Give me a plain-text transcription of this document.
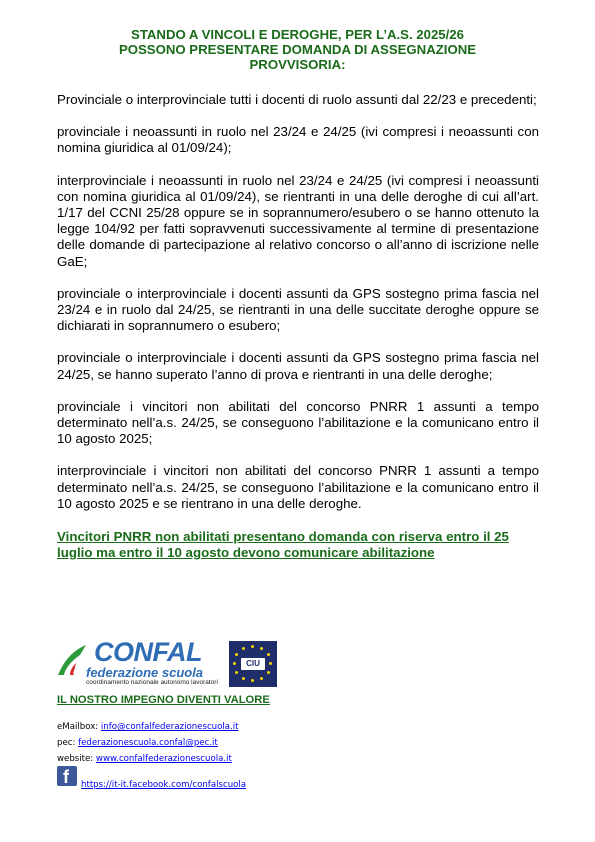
STANDO A VINCOLI E DEROGHE, PER L’A.S. 2025/26
POSSONO PRESENTARE DOMANDA DI ASSEGNAZIONE
PROVVISORIA:

Provinciale o interprovinciale tutti i docenti di ruolo assunti dal 22/23 e precedenti;

provinciale i neoassunti in ruolo nel 23/24 e 24/25 (ivi compresi i neoassunti con nomina giuridica al 01/09/24);

interprovinciale i neoassunti in ruolo nel 23/24 e 24/25 (ivi compresi i neoassunti con nomina giuridica al 01/09/24), se rientranti in una delle deroghe di cui all’art. 1/17 del CCNI 25/28 oppure se in soprannumero/esubero o se hanno ottenuto la legge 104/92 per fatti sopravvenuti successivamente al termine di presentazione delle domande di partecipazione al relativo concorso o all’anno di iscrizione nelle GaE;

provinciale o interprovinciale i docenti assunti da GPS sostegno prima fascia nel 23/24 e in ruolo dal 24/25, se rientranti in una delle succitate deroghe oppure se dichiarati in soprannumero o esubero;

provinciale o interprovinciale i docenti assunti da GPS sostegno prima fascia nel 24/25, se hanno superato l’anno di prova e rientranti in una delle deroghe;

provinciale i vincitori non abilitati del concorso PNRR 1 assunti a tempo determinato nell’a.s. 24/25, se conseguono l’abilitazione e la comunicano entro il 10 agosto 2025;

interprovinciale i vincitori non abilitati del concorso PNRR 1 assunti a tempo determinato nell’a.s. 24/25, se conseguono l’abilitazione e la comunicano entro il 10 agosto 2025 e se rientrano in una delle deroghe.

Vincitori PNRR non abilitati presentano domanda con riserva entro il 25 luglio ma entro il 10 agosto devono comunicare abilitazione
CONFAL
federazione scuola
coordinamento nazionale autonomo lavoratori
CIU
IL NOSTRO IMPEGNO DIVENTI VALORE
eMailbox: info@confalfederazionescuola.it
pec: federazionescuola.confal@pec.it
website: www.confalfederazionescuola.it
f https://it-it.facebook.com/confalscuola
